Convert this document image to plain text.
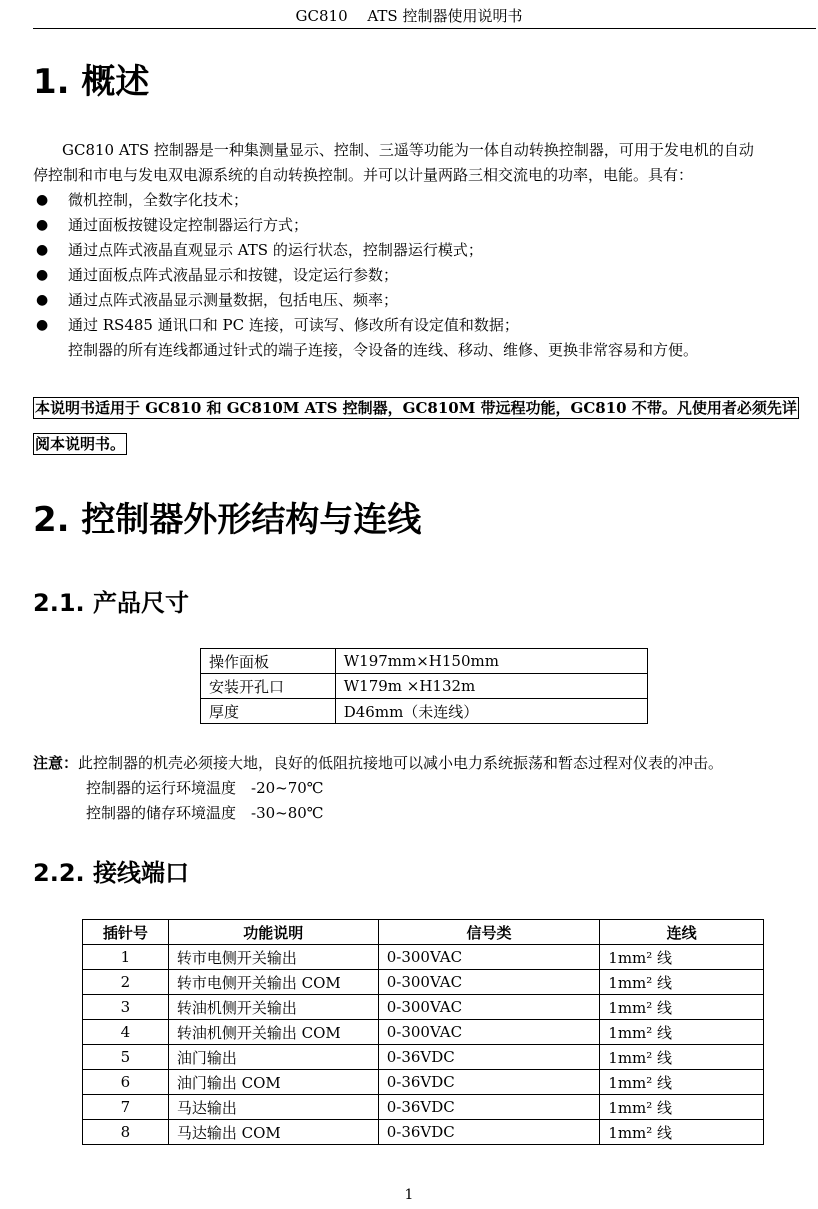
GC810　 ATS 控制器使用说明书
1. 概述
GC810 ATS 控制器是一种集测量显示、控制、三遥等功能为一体自动转换控制器，可用于发电机的自动
停控制和市电与发电双电源系统的自动转换控制。并可以计量两路三相交流电的功率，电能。具有：
● 微机控制，全数字化技术；
● 通过面板按键设定控制器运行方式；
● 通过点阵式液晶直观显示 ATS 的运行状态，控制器运行模式；
● 通过面板点阵式液晶显示和按键，设定运行参数；
● 通过点阵式液晶显示测量数据，包括电压、频率；
● 通过 RS485 通讯口和 PC 连接，可读写、修改所有设定值和数据；
控制器的所有连线都通过针式的端子连接，令设备的连线、移动、维修、更换非常容易和方便。
本说明书适用于 GC810 和 GC810M ATS 控制器，GC810M 带远程功能，GC810 不带。凡使用者必须先详
阅本说明书。
2. 控制器外形结构与连线
2.1. 产品尺寸
操作面板	W197mm×H150mm
安装开孔口	W179m ×H132m
厚度	D46mm（未连线）
注意：此控制器的机壳必须接大地，良好的低阻抗接地可以减小电力系统振荡和暂态过程对仪表的冲击。
控制器的运行环境温度　-20~70℃
控制器的储存环境温度　-30~80℃
2.2. 接线端口
插针号	功能说明	信号类	连线
1	转市电侧开关输出	0-300VAC	1mm² 线
2	转市电侧开关输出 COM	0-300VAC	1mm² 线
3	转油机侧开关输出	0-300VAC	1mm² 线
4	转油机侧开关输出 COM	0-300VAC	1mm² 线
5	油门输出	0-36VDC	1mm² 线
6	油门输出 COM	0-36VDC	1mm² 线
7	马达输出	0-36VDC	1mm² 线
8	马达输出 COM	0-36VDC	1mm² 线
1
